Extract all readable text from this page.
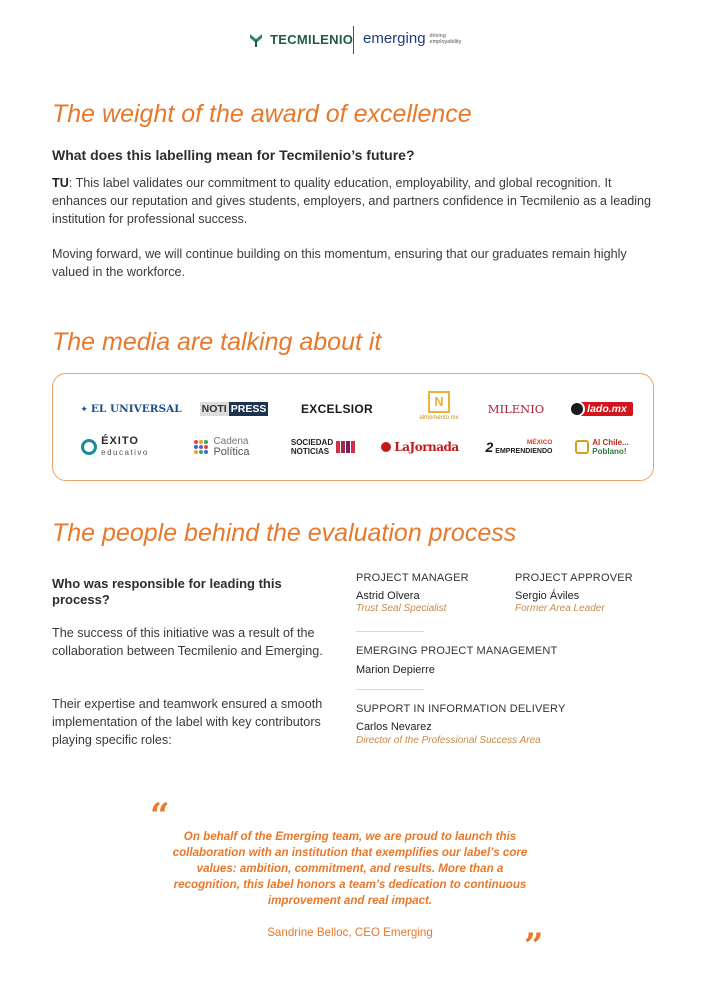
TECMILENIO emerging driving
employability
The weight of the award of excellence
What does this labelling mean for Tecmilenio’s future?
TU: This label validates our commitment to quality education, employability, and global recognition. It enhances our reputation and gives students, employers, and partners confidence in Tecmilenio as a leading institution for professional success.
Moving forward, we will continue building on this momentum, ensuring that our graduates remain highly valued in the workforce.
The media are talking about it
✦ EL UNIVERSAL NOTI PRESS	EXCELSIOR	N
almomento.mx
MILENIO	lado.mx
ÉXITO
educativo
Cadena
Política
SOCIEDAD
NOTICIAS	LaJornada 2	MÉXICO
EMPRENDIENDO
Al Chile...
Poblano!
The people behind the evaluation process
Who was responsible for leading this process?
The success of this initiative was a result of the collaboration between Tecmilenio and Emerging.
Their expertise and teamwork ensured a smooth implementation of the label with key contributors playing specific roles:
PROJECT MANAGER
Astrid Olvera
Trust Seal Specialist
PROJECT APPROVER
Sergio Áviles
Former Area Leader
EMERGING PROJECT MANAGEMENT
Marion Depierre
SUPPORT IN INFORMATION DELIVERY
Carlos Nevarez
Director of the Professional Success Area
“
On behalf of the Emerging team, we are proud to launch this collaboration with an institution that exemplifies our label’s core values: ambition, commitment, and results. More than a recognition, this label honors a team’s dedication to continuous improvement and real impact.
Sandrine Belloc, CEO Emerging	”
